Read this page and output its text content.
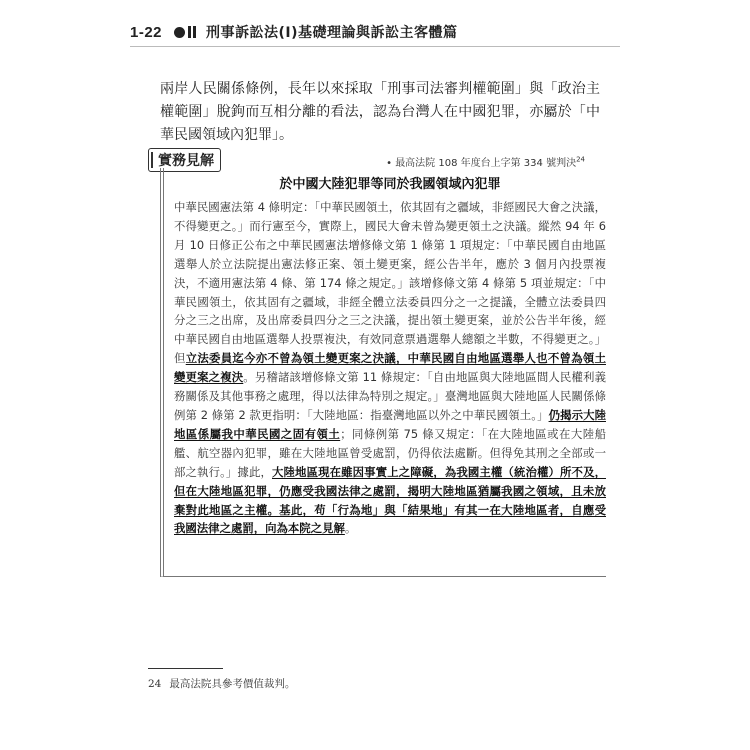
1-22	刑事訴訟法(Ⅰ)基礎理論與訴訟主客體篇

兩岸人民關係條例，長年以來採取「刑事司法審判權範圍」與「政治主權範圍」脫鉤而互相分離的看法，認為台灣人在中國犯罪，亦屬於「中華民國領域內犯罪」。

實務見解	• 最高法院 108 年度台上字第 334 號判決$^{24}$
於中國大陸犯罪等同於我國領域內犯罪

中華民國憲法第 4 條明定：「中華民國領土，依其固有之疆域，非經國民大會之決議，不得變更之。」而行憲至今，實際上，國民大會未曾為變更領土之決議。縱然 94 年 6 月 10 日修正公布之中華民國憲法增修條文第 1 條第 1 項規定：「中華民國自由地區選舉人於立法院提出憲法修正案、領土變更案，經公告半年，應於 3 個月內投票複決，不適用憲法第 4 條、第 174 條之規定。」該增修條文第 4 條第 5 項並規定：「中華民國領土，依其固有之疆域，非經全體立法委員四分之一之提議，全體立法委員四分之三之出席，及出席委員四分之三之決議，提出領土變更案，並於公告半年後，經中華民國自由地區選舉人投票複決，有效同意票過選舉人總額之半數，不得變更之。」但立法委員迄今亦不曾為領土變更案之決議，中華民國自由地區選舉人也不曾為領土變更案之複決。另稽諸該增修條文第 11 條規定：「自由地區與大陸地區間人民權利義務關係及其他事務之處理，得以法律為特別之規定。」臺灣地區與大陸地區人民關係條例第 2 條第 2 款更指明：「大陸地區：指臺灣地區以外之中華民國領土。」仍揭示大陸地區係屬我中華民國之固有領土；同條例第 75 條又規定：「在大陸地區或在大陸船艦、航空器內犯罪，雖在大陸地區曾受處罰，仍得依法處斷。但得免其刑之全部或一部之執行。」據此，大陸地區現在雖因事實上之障礙，為我國主權（統治權）所不及，但在大陸地區犯罪，仍應受我國法律之處罰，揭明大陸地區猶屬我國之領域，且未放棄對此地區之主權。基此，苟「行為地」與「結果地」有其一在大陸地區者，自應受我國法律之處罰，向為本院之見解。

24 最高法院具參考價值裁判。
